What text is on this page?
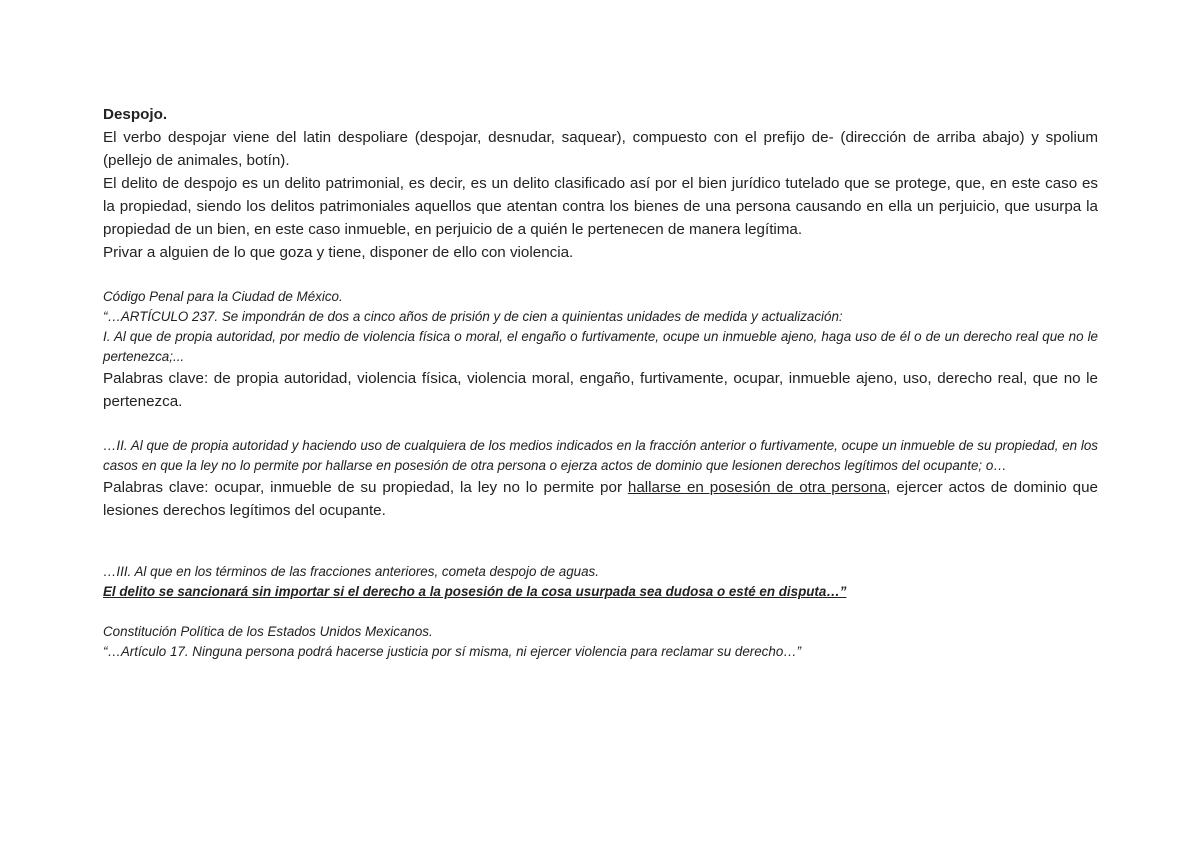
Despojo.

El verbo despojar viene del latin despoliare (despojar, desnudar, saquear), compuesto con el prefijo de- (dirección de arriba abajo) y spolium (pellejo de animales, botín).

El delito de despojo es un delito patrimonial, es decir, es un delito clasificado así por el bien jurídico tutelado que se protege, que, en este caso es la propiedad, siendo los delitos patrimoniales aquellos que atentan contra los bienes de una persona causando en ella un perjuicio, que usurpa la propiedad de un bien, en este caso inmueble, en perjuicio de a quién le pertenecen de manera legítima.

Privar a alguien de lo que goza y tiene, disponer de ello con violencia.

Código Penal para la Ciudad de México.

“…ARTÍCULO 237. Se impondrán de dos a cinco años de prisión y de cien a quinientas unidades de medida y actualización:

I. Al que de propia autoridad, por medio de violencia física o moral, el engaño o furtivamente, ocupe un inmueble ajeno, haga uso de él o de un derecho real que no le pertenezca;...

Palabras clave: de propia autoridad, violencia física, violencia moral, engaño, furtivamente, ocupar, inmueble ajeno, uso, derecho real, que no le pertenezca.

…II. Al que de propia autoridad y haciendo uso de cualquiera de los medios indicados en la fracción anterior o furtivamente, ocupe un inmueble de su propiedad, en los casos en que la ley no lo permite por hallarse en posesión de otra persona o ejerza actos de dominio que lesionen derechos legítimos del ocupante; o…

Palabras clave: ocupar, inmueble de su propiedad, la ley no lo permite por hallarse en posesión de otra persona, ejercer actos de dominio que lesiones derechos legítimos del ocupante.

…III. Al que en los términos de las fracciones anteriores, cometa despojo de aguas.

El delito se sancionará sin importar si el derecho a la posesión de la cosa usurpada sea dudosa o esté en disputa…”

Constitución Política de los Estados Unidos Mexicanos.

“…Artículo 17. Ninguna persona podrá hacerse justicia por sí misma, ni ejercer violencia para reclamar su derecho…”
